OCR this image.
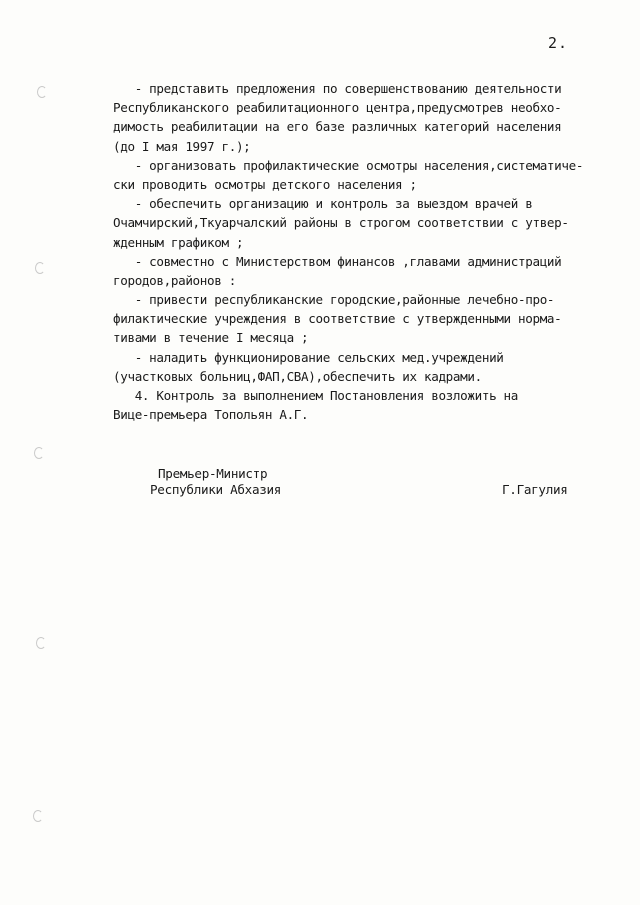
2.
- представить предложения по совершенствованию деятельности
Республиканского реабилитационного центра,предусмотрев необхо-
димость реабилитации на его базе различных категорий населения
(до I мая 1997 г.);
- организовать профилактические осмотры населения,систематиче-
ски проводить осмотры детского населения ;
- обеспечить организацию и контроль за выездом врачей в
Очамчирский,Ткуарчалский районы в строгом соответствии с утвер-
жденным графиком ;
- совместно с Министерством финансов ,главами администраций
городов,районов :
- привести республиканские городские,районные лечебно-про-
филактические учреждения в соответствие с утвержденными норма-
тивами в течение I месяца ;
- наладить функционирование сельских мед.учреждений
(участковых больниц,ФАП,СВА),обеспечить их кадрами.
4. Контроль за выполнением Постановления возложить на
Вице-премьера Топольян А.Г.
Премьер-Министр
Республики Абхазия	Г.Гагулия
